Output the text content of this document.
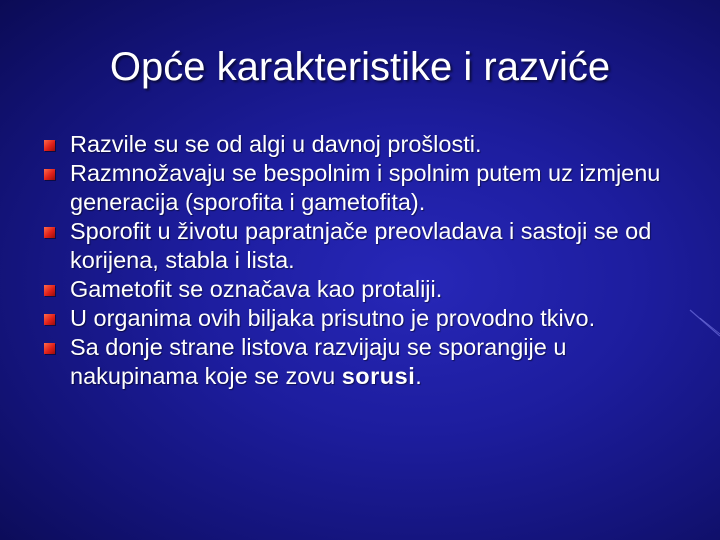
Opće karakteristike i razviće
Razvile su se od algi u davnoj prošlosti.
Razmnožavaju se bespolnim i spolnim putem uz izmjenu generacija (sporofita i gametofita).
Sporofit u životu papratnjače preovladava i sastoji se od korijena, stabla i lista.
Gametofit se označava kao protaliji.
U organima ovih biljaka prisutno je provodno tkivo.
Sa donje strane listova razvijaju se sporangije u nakupinama koje se zovu sorusi.
